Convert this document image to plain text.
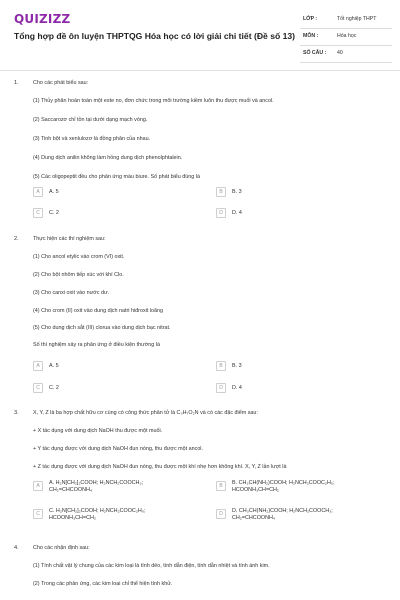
QUIZIZZ
Tổng hợp đề ôn luyện THPTQG Hóa học có lời giải chi tiết (Đề số 13)
LỚP :	Tốt nghiệp THPT
MÔN :	Hóa học
SỐ CÂU : 40
1.	Cho các phát biểu sau:
(1) Thủy phân hoàn toàn một este no, đơn chức trong môi trường kiềm luôn thu được muối và ancol.
(2) Saccarozơ chỉ tồn tại dưới dạng mạch vòng.
(3) Tinh bột và xenlulozơ là đồng phân của nhau.
(4) Dung dịch anilin không làm hồng dung dịch phenolphtalein.
(5) Các oligopeptit đều cho phản ứng màu biure. Số phát biểu đúng là
A	A. 5	B	B. 3
C	C. 2	D	D. 4
2.	Thực hiện các thí nghiệm sau:
(1) Cho ancol etylic vào crom (VI) oxit.
(2) Cho bột nhôm tiếp xúc với khí Clo.
(3) Cho canxi oxit vào nước dư.
(4) Cho crom (II) oxit vào dung dịch natri hiđroxit loãng
(5) Cho dung dịch sắt (III) clorua vào dung dịch bạc nitrat.
Số thí nghiệm xảy ra phản ứng ở điều kiện thường là
A	A. 5	B	B. 3
C	C. 2	D	D. 4
3.	X, Y, Z là ba hợp chất hữu cơ cùng có công thức phân tử là C₃H₇O₂N và có các đặc điểm sau:
+ X tác dụng với dung dịch NaOH thu được một muối.
+ Y tác dụng được với dung dịch NaOH đun nóng, thu được một ancol.
+ Z tác dụng được với dung dịch NaOH đun nóng, thu được một khí nhẹ hơn không khí. X, Y, Z lần lượt là
A	A. H₂N[CH₂]₂COOH; H₂NCH₂COOCH₃;
CH₂=CHCOONH₄
B	B. CH₃CH(NH₂)COOH; H₂NCH₂COOC₂H₅;
HCOONH₃CH=CH₂
C	C. H₂N[CH₂]₂COOH; H₂NCH₂COOC₂H₅;
HCOONH₃CH=CH₂
D	D. CH₃CH(NH₂)COOH; H₂NCH₂COOCH₃;
CH₂=CHCOONH₄
4.	Cho các nhận định sau:
(1) Tính chất vật lý chung của các kim loại là tính dẻo, tính dẫn điện, tính dẫn nhiệt và tính ánh kim.
(2) Trong các phản ứng, các kim loại chỉ thể hiện tính khử.
